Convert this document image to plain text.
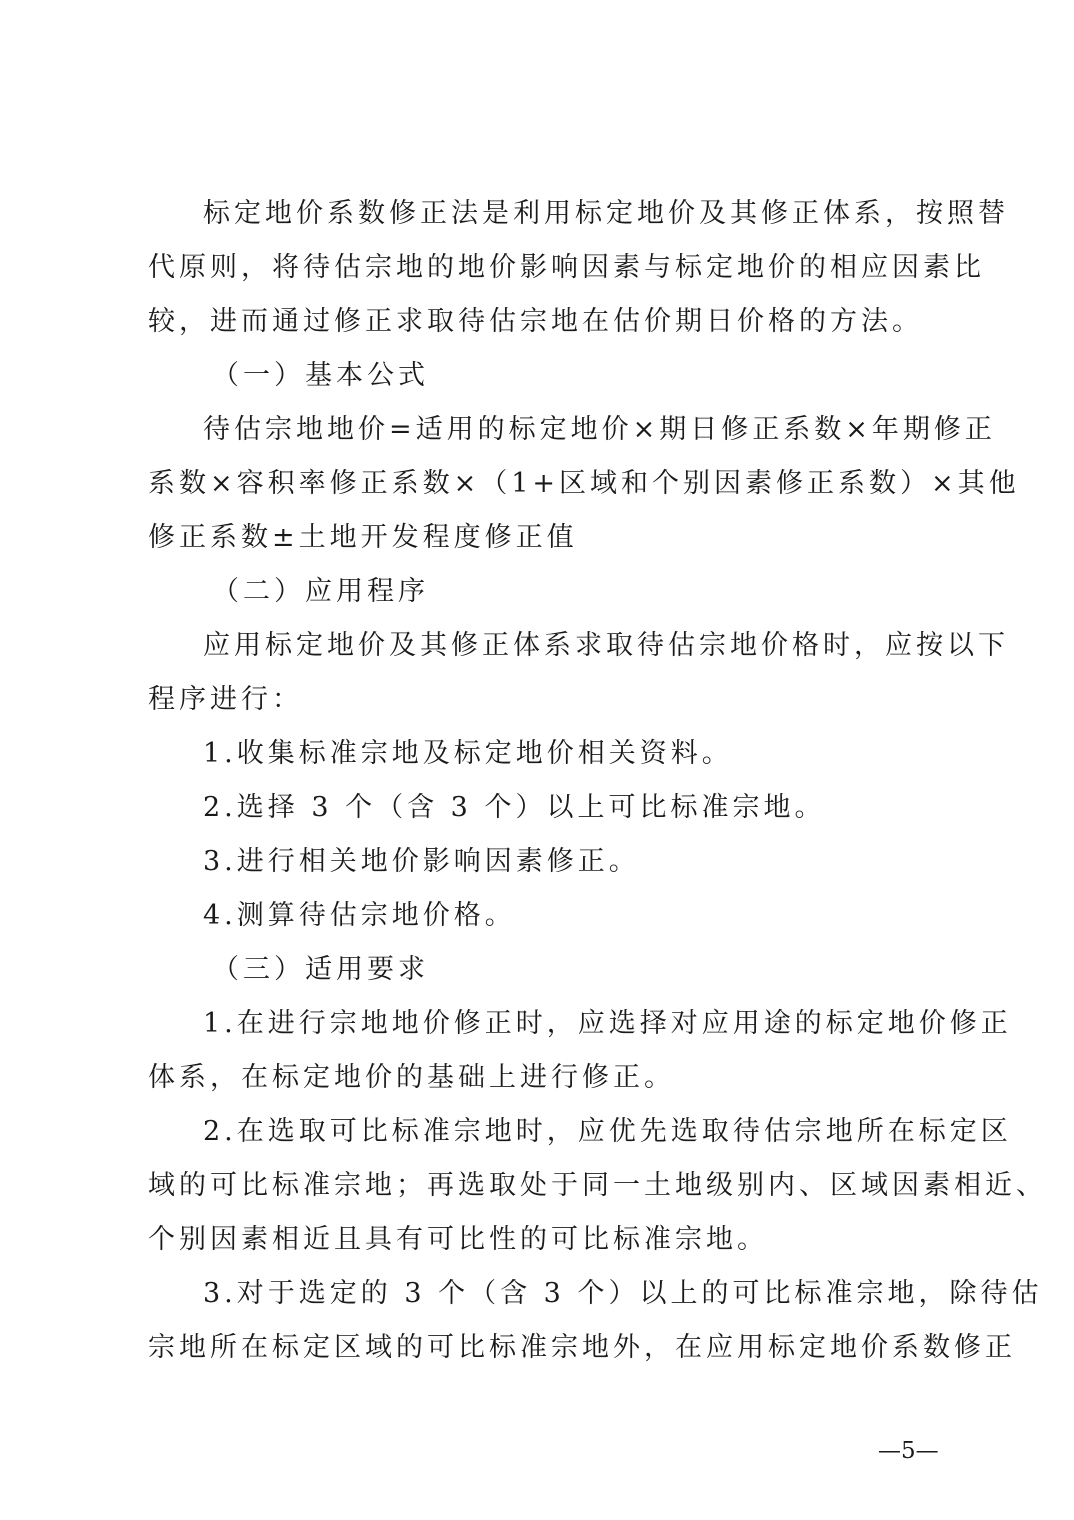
标定地价系数修正法是利用标定地价及其修正体系，按照替
代原则，将待估宗地的地价影响因素与标定地价的相应因素比
较，进而通过修正求取待估宗地在估价期日价格的方法。
（一）基本公式
待估宗地地价=适用的标定地价×期日修正系数×年期修正
系数×容积率修正系数×（1+区域和个别因素修正系数）×其他
修正系数±土地开发程度修正值
（二）应用程序
应用标定地价及其修正体系求取待估宗地价格时，应按以下
程序进行：
1.收集标准宗地及标定地价相关资料。
2.选择 3 个（含 3 个）以上可比标准宗地。
3.进行相关地价影响因素修正。
4.测算待估宗地价格。
（三）适用要求
1.在进行宗地地价修正时，应选择对应用途的标定地价修正
体系，在标定地价的基础上进行修正。
2.在选取可比标准宗地时，应优先选取待估宗地所在标定区
域的可比标准宗地；再选取处于同一土地级别内、区域因素相近、
个别因素相近且具有可比性的可比标准宗地。
3.对于选定的 3 个（含 3 个）以上的可比标准宗地，除待估
宗地所在标定区域的可比标准宗地外，在应用标定地价系数修正
—5—
